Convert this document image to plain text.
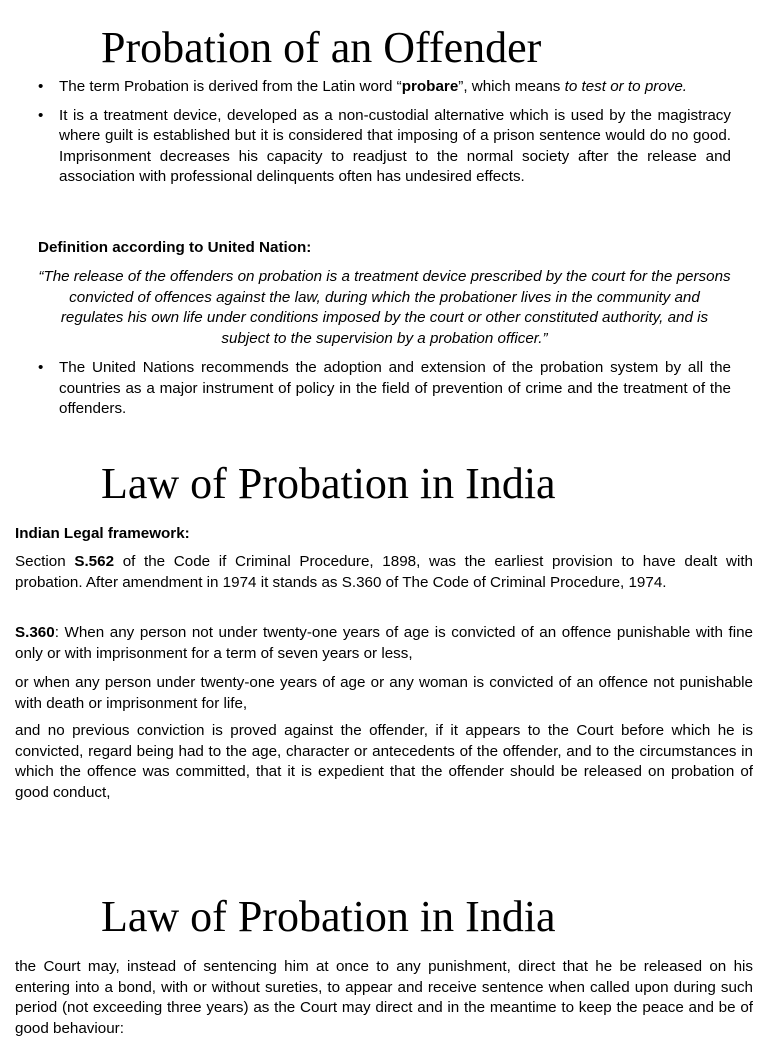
Probation of an Offender
• The term Probation is derived from the Latin word “probare”, which means to test or to prove.
• It is a treatment device, developed as a non-custodial alternative which is used by the magistracy where guilt is established but it is considered that imposing of a prison sentence would do no good. Imprisonment decreases his capacity to readjust to the normal society after the release and association with professional delinquents often has undesired effects.
Definition according to United Nation:
“The release of the offenders on probation is a treatment device prescribed by the court for the persons convicted of offences against the law, during which the probationer lives in the community and regulates his own life under conditions imposed by the court or other constituted authority, and is subject to the supervision by a probation officer.”
• The United Nations recommends the adoption and extension of the probation system by all the countries as a major instrument of policy in the field of prevention of crime and the treatment of the offenders.
Law of Probation in India
Indian Legal framework:

Section S.562 of the Code if Criminal Procedure, 1898, was the earliest provision to have dealt with probation. After amendment in 1974 it stands as S.360 of The Code of Criminal Procedure, 1974.

S.360: When any person not under twenty-one years of age is convicted of an offence punishable with fine only or with imprisonment for a term of seven years or less,

or when any person under twenty-one years of age or any woman is convicted of an offence not punishable with death or imprisonment for life,

and no previous conviction is proved against the offender, if it appears to the Court before which he is convicted, regard being had to the age, character or antecedents of the offender, and to the circumstances in which the offence was committed, that it is expedient that the offender should be released on probation of good conduct,

Law of Probation in India

the Court may, instead of sentencing him at once to any punishment, direct that he be released on his entering into a bond, with or without sureties, to appear and receive sentence when called upon during such period (not exceeding three years) as the Court may direct and in the meantime to keep the peace and be of good behaviour:
